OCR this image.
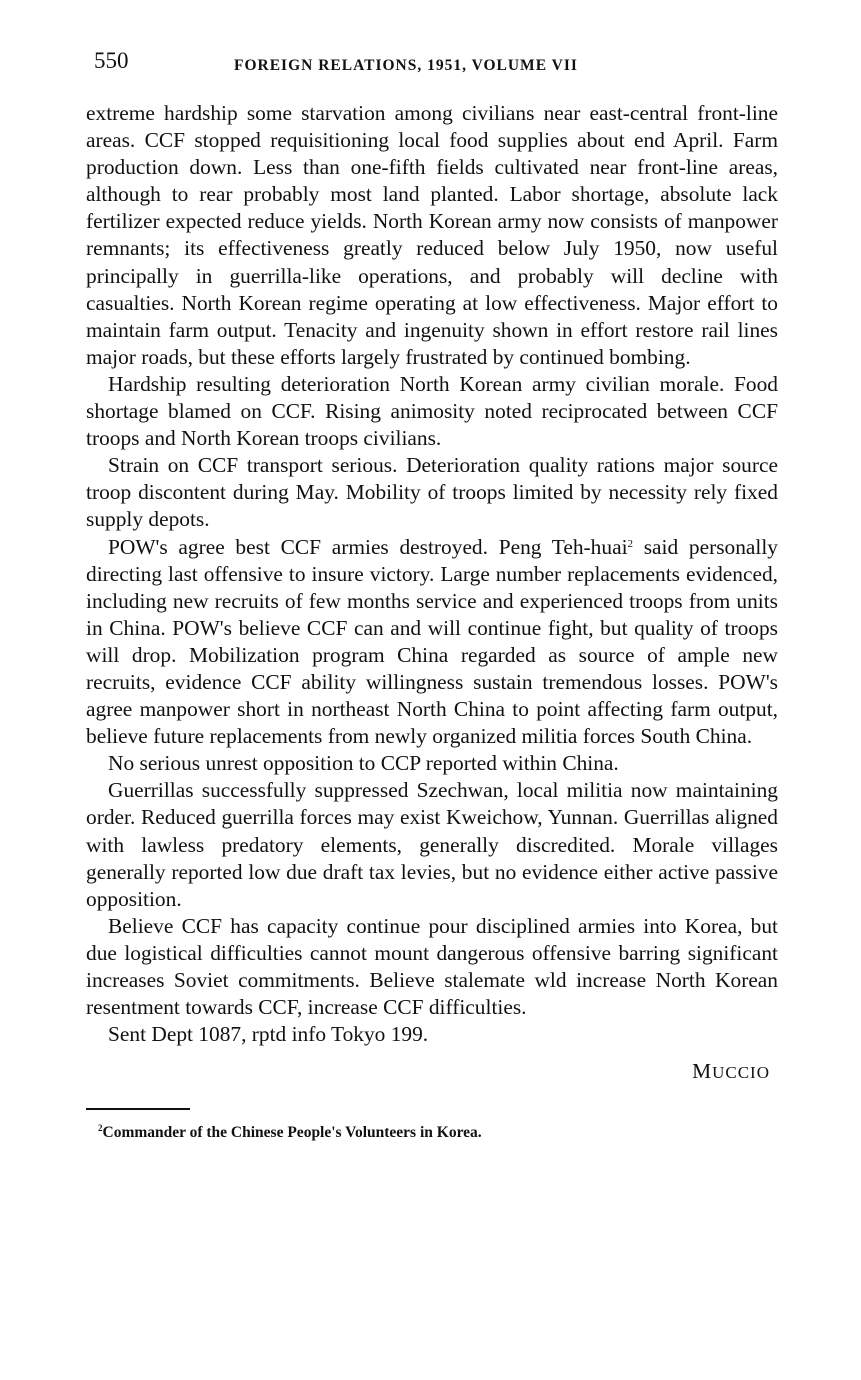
550	FOREIGN RELATIONS, 1951, VOLUME VII

extreme hardship some starvation among civilians near east-central front-line areas. CCF stopped requisitioning local food supplies about end April. Farm production down. Less than one-fifth fields cultivated near front-line areas, although to rear probably most land planted. Labor shortage, absolute lack fertilizer expected reduce yields. North Korean army now consists of manpower remnants; its effectiveness greatly reduced below July 1950, now useful principally in guerrilla-like operations, and probably will decline with casualties. North Korean regime operating at low effectiveness. Major effort to maintain farm output. Tenacity and ingenuity shown in effort restore rail lines major roads, but these efforts largely frustrated by continued bombing.

Hardship resulting deterioration North Korean army civilian morale. Food shortage blamed on CCF. Rising animosity noted reciprocated between CCF troops and North Korean troops civilians.

Strain on CCF transport serious. Deterioration quality rations major source troop discontent during May. Mobility of troops limited by necessity rely fixed supply depots.

POW's agree best CCF armies destroyed. Peng Teh-huai$^2$ said personally directing last offensive to insure victory. Large number replacements evidenced, including new recruits of few months service and experienced troops from units in China. POW's believe CCF can and will continue fight, but quality of troops will drop. Mobilization program China regarded as source of ample new recruits, evidence CCF ability willingness sustain tremendous losses. POW's agree manpower short in northeast North China to point affecting farm output, believe future replacements from newly organized militia forces South China.

No serious unrest opposition to CCP reported within China.

Guerrillas successfully suppressed Szechwan, local militia now maintaining order. Reduced guerrilla forces may exist Kweichow, Yunnan. Guerrillas aligned with lawless predatory elements, generally discredited. Morale villages generally reported low due draft tax levies, but no evidence either active passive opposition.

Believe CCF has capacity continue pour disciplined armies into Korea, but due logistical difficulties cannot mount dangerous offensive barring significant increases Soviet commitments. Believe stalemate wld increase North Korean resentment towards CCF, increase CCF difficulties.

Sent Dept 1087, rptd info Tokyo 199.

MUCCIO
$^2$Commander of the Chinese People's Volunteers in Korea.
